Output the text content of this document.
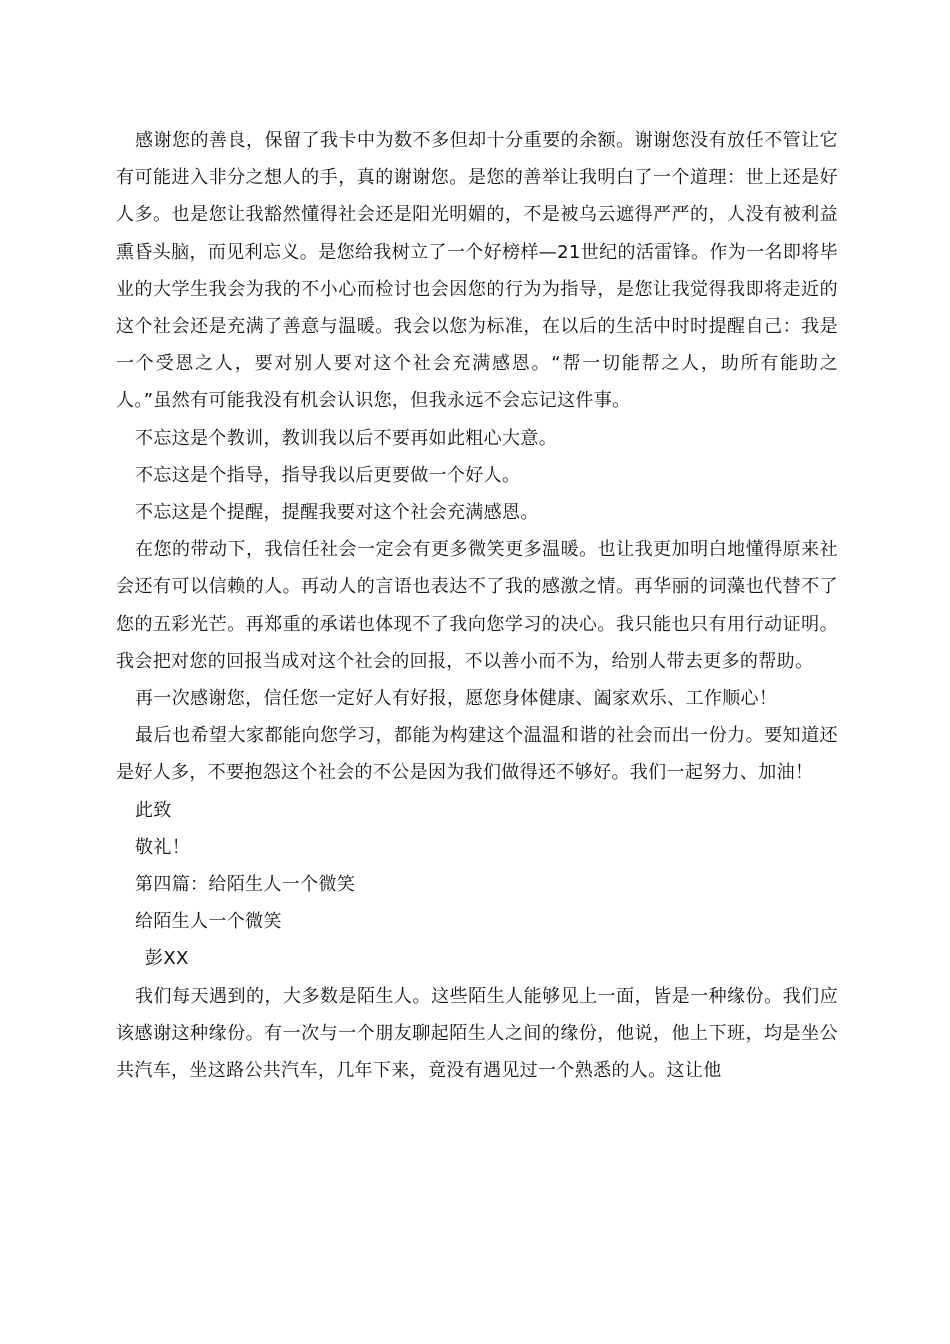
感谢您的善良，保留了我卡中为数不多但却十分重要的余额。谢谢您没有放任不管让它有可能进入非分之想人的手，真的谢谢您。是您的善举让我明白了一个道理：世上还是好人多。也是您让我豁然懂得社会还是阳光明媚的，不是被乌云遮得严严的，人没有被利益熏昏头脑，而见利忘义。是您给我树立了一个好榜样—21世纪的活雷锋。作为一名即将毕业的大学生我会为我的不小心而检讨也会因您的行为为指导，是您让我觉得我即将走近的这个社会还是充满了善意与温暖。我会以您为标准，在以后的生活中时时提醒自己：我是一个受恩之人，要对别人要对这个社会充满感恩。“帮一切能帮之人，助所有能助之人。”虽然有可能我没有机会认识您，但我永远不会忘记这件事。

不忘这是个教训，教训我以后不要再如此粗心大意。

不忘这是个指导，指导我以后更要做一个好人。

不忘这是个提醒，提醒我要对这个社会充满感恩。

在您的带动下，我信任社会一定会有更多微笑更多温暖。也让我更加明白地懂得原来社会还有可以信赖的人。再动人的言语也表达不了我的感激之情。再华丽的词藻也代替不了您的五彩光芒。再郑重的承诺也体现不了我向您学习的决心。我只能也只有用行动证明。我会把对您的回报当成对这个社会的回报，不以善小而不为，给别人带去更多的帮助。

再一次感谢您，信任您一定好人有好报，愿您身体健康、阖家欢乐、工作顺心！

最后也希望大家都能向您学习，都能为构建这个温温和谐的社会而出一份力。要知道还是好人多，不要抱怨这个社会的不公是因为我们做得还不够好。我们一起努力、加油！

此致

敬礼！

第四篇：给陌生人一个微笑

给陌生人一个微笑

彭XX

我们每天遇到的，大多数是陌生人。这些陌生人能够见上一面，皆是一种缘份。我们应该感谢这种缘份。有一次与一个朋友聊起陌生人之间的缘份，他说，他上下班，均是坐公共汽车，坐这路公共汽车，几年下来，竟没有遇见过一个熟悉的人。这让他
